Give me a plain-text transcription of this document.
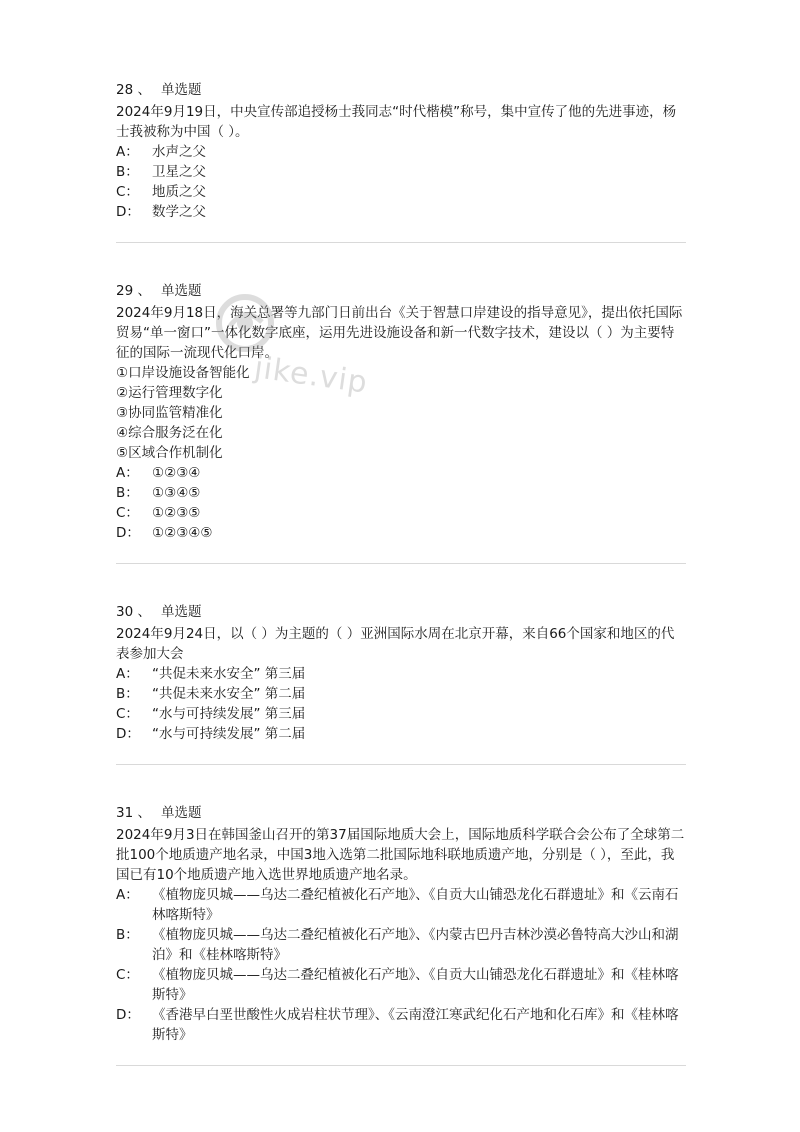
28 、 单选题
2024年9月19日，中央宣传部追授杨士莪同志“时代楷模”称号，集中宣传了他的先进事迹，杨士莪被称为中国（ ）。
A： 水声之父
B： 卫星之父
C： 地质之父
D： 数学之父
29 、 单选题
2024年9月18日，海关总署等九部门日前出台《关于智慧口岸建设的指导意见》，提出依托国际贸易“单一窗口”一体化数字底座，运用先进设施设备和新一代数字技术，建设以（ ）为主要特征的国际一流现代化口岸。
①口岸设施设备智能化
②运行管理数字化
③协同监管精准化
④综合服务泛在化
⑤区域合作机制化
A： ①②③④
B： ①③④⑤
C： ①②③⑤
D： ①②③④⑤
30 、 单选题
2024年9月24日，以（ ）为主题的（ ）亚洲国际水周在北京开幕，来自66个国家和地区的代表参加大会
A： “共促未来水安全” 第三届
B： “共促未来水安全” 第二届
C： “水与可持续发展” 第三届
D： “水与可持续发展” 第二届
31 、 单选题
2024年9月3日在韩国釜山召开的第37届国际地质大会上，国际地质科学联合会公布了全球第二批100个地质遗产地名录，中国3地入选第二批国际地科联地质遗产地，分别是（ ），至此，我国已有10个地质遗产地入选世界地质遗产地名录。
A： 《植物庞贝城——乌达二叠纪植被化石产地》、《自贡大山铺恐龙化石群遗址》和《云南石林喀斯特》
B： 《植物庞贝城——乌达二叠纪植被化石产地》、《内蒙古巴丹吉林沙漠必鲁特高大沙山和湖泊》和《桂林喀斯特》
C： 《植物庞贝城——乌达二叠纪植被化石产地》、《自贡大山铺恐龙化石群遗址》和《桂林喀斯特》
D： 《香港早白垩世酸性火成岩柱状节理》、《云南澄江寒武纪化石产地和化石库》和《桂林喀斯特》
jike.vip
